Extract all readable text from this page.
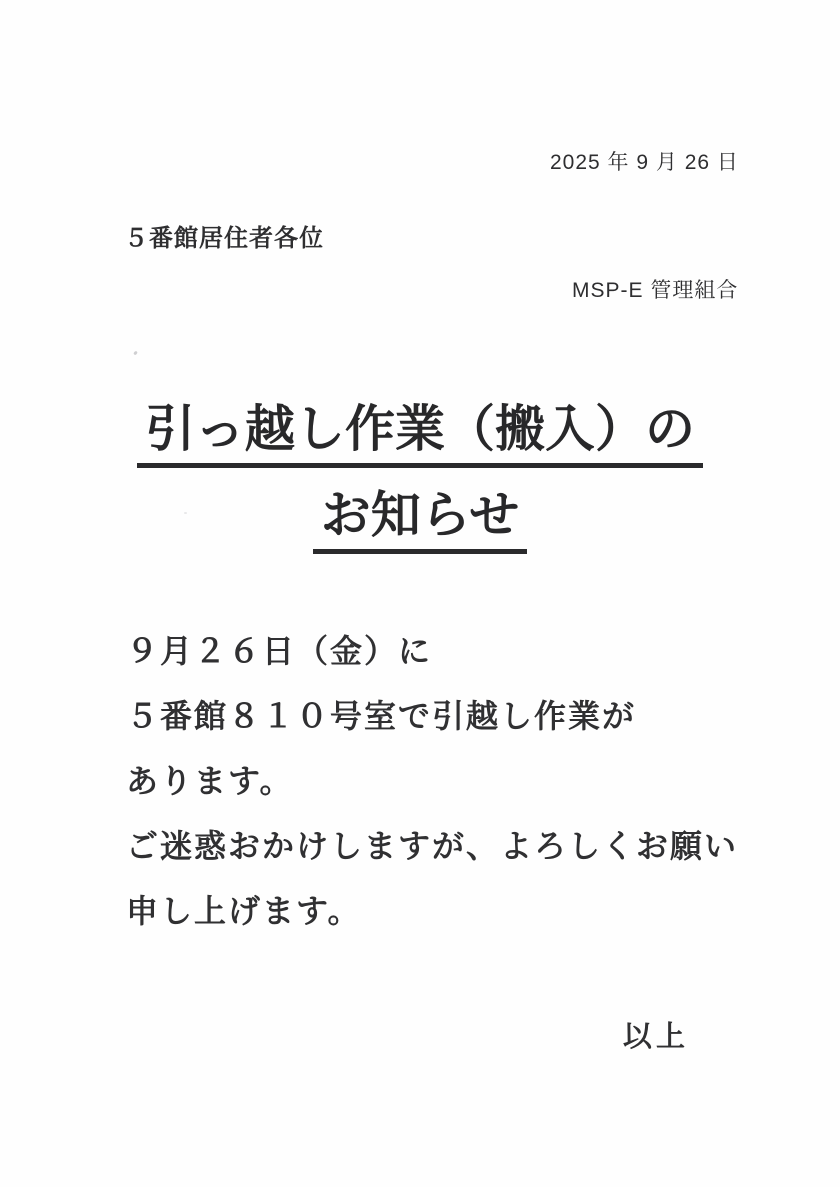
2025 年 9 月 26 日
５番館居住者各位
MSP-E 管理組合
引っ越し作業（搬入）の
お知らせ
９月２６日（金）に
５番館８１０号室で引越し作業が
あります。
ご迷惑おかけしますが、よろしくお願い
申し上げます。
以上
